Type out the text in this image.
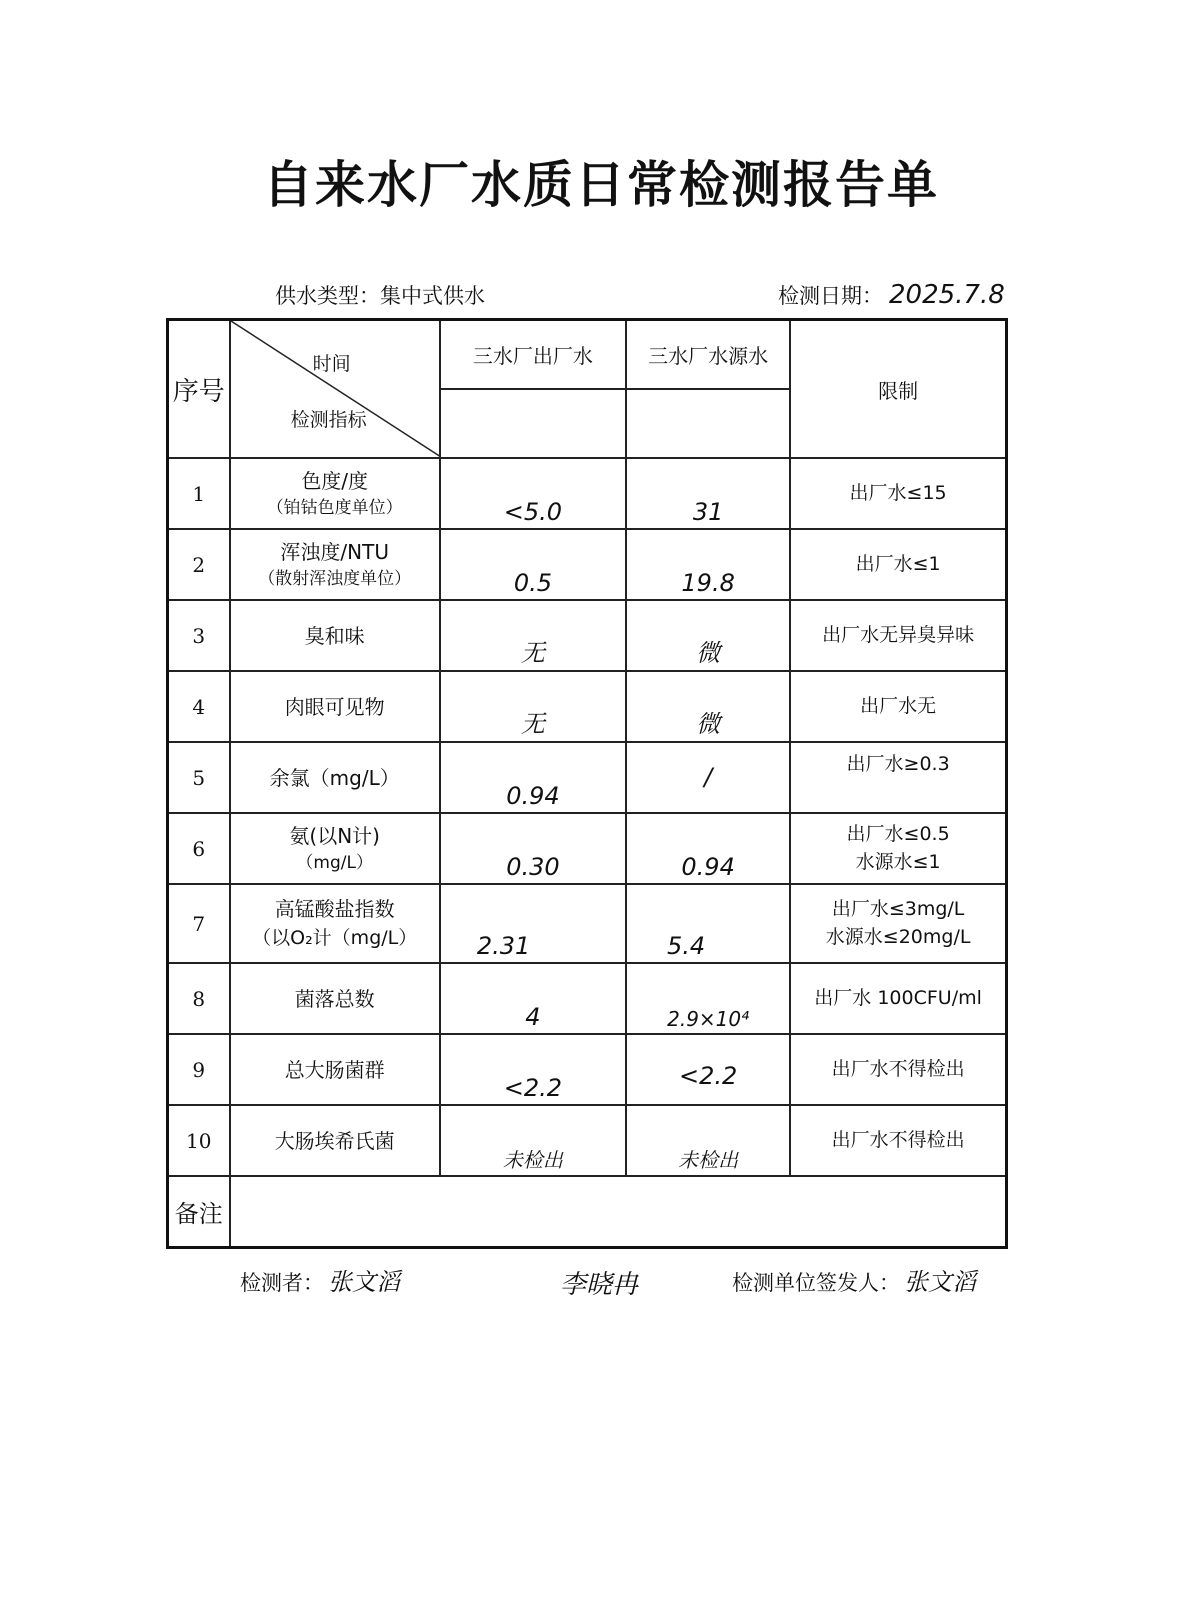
自来水厂水质日常检测报告单
供水类型：集中式供水	检测日期： 2025.7.8
序号	时间
检测指标	三水厂出厂水	三水厂水源水	限制

1	色度/度
（铂钴色度单位）	<5.0	31	出厂水≤15
2	浑浊度/NTU
（散射浑浊度单位）	0.5	19.8	出厂水≤1
3	臭和味	无	微	出厂水无异臭异味
4	肉眼可见物	无	微	出厂水无
5	余氯（mg/L）	0.94	/	出厂水≥0.3
6	氨(以N计)
（mg/L）	0.30	0.94	出厂水≤0.5
水源水≤1
7	高锰酸盐指数
（以O₂计（mg/L）	2.31	5.4	出厂水≤3mg/L
水源水≤20mg/L
8	菌落总数	4	2.9×10⁴	出厂水 100CFU/ml
9	总大肠菌群	<2.2	<2.2	出厂水不得检出
10	大肠埃希氏菌	未检出	未检出	出厂水不得检出
备注				
检测者： 张文滔	李晓冉	检测单位签发人： 张文滔
